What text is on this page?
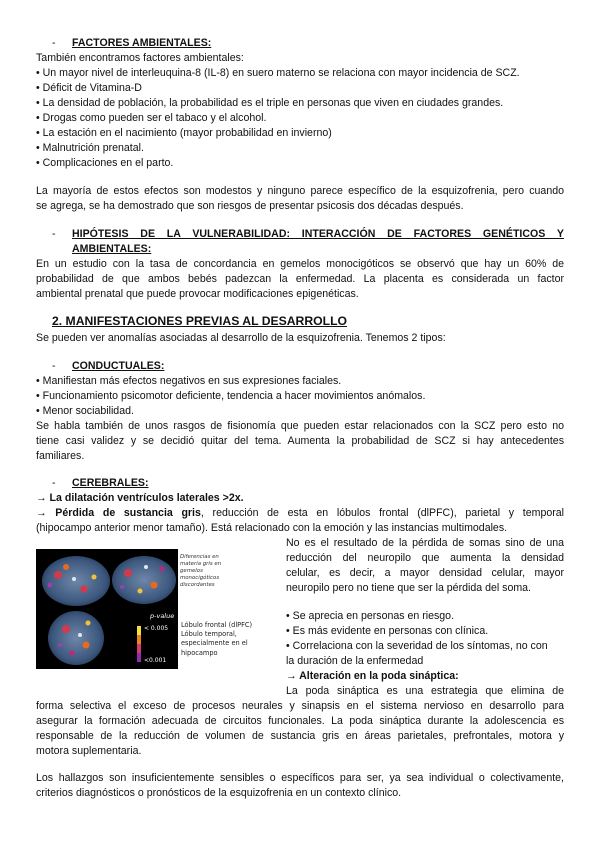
- FACTORES AMBIENTALES:
También encontramos factores ambientales:
• Un mayor nivel de interleuquina-8 (IL-8) en suero materno se relaciona con mayor incidencia de SCZ.
• Déficit de Vitamina-D
• La densidad de población, la probabilidad es el triple en personas que viven en ciudades grandes.
• Drogas como pueden ser el tabaco y el alcohol.
• La estación en el nacimiento (mayor probabilidad en invierno)
• Malnutrición prenatal.
• Complicaciones en el parto.
La mayoría de estos efectos son modestos y ninguno parece específico de la esquizofrenia, pero cuando
se agrega, se ha demostrado que son riesgos de presentar psicosis dos décadas después.
- HIPÓTESIS DE LA VULNERABILIDAD: INTERACCIÓN DE FACTORES GENÉTICOS Y
AMBIENTALES:
En un estudio con la tasa de concordancia en gemelos monocigóticos se observó que hay un 60% de
probabilidad de que ambos bebés padezcan la enfermedad. La placenta es considerada un factor
ambiental prenatal que puede provocar modificaciones epigenéticas.
2. MANIFESTACIONES PREVIAS AL DESARROLLO
Se pueden ver anomalías asociadas al desarrollo de la esquizofrenia. Tenemos 2 tipos:
- CONDUCTUALES:
• Manifiestan más efectos negativos en sus expresiones faciales.
• Funcionamiento psicomotor deficiente, tendencia a hacer movimientos anómalos.
• Menor sociabilidad.
Se habla también de unos rasgos de fisionomía que pueden estar relacionados con la SCZ pero esto no
tiene casi validez y se decidió quitar del tema. Aumenta la probabilidad de SCZ si hay antecedentes
familiares.
- CEREBRALES:
→ La dilatación ventrículos laterales >2x.
→ Pérdida de sustancia gris, reducción de esta en lóbulos frontal (dlPFC), parietal y temporal
(hipocampo anterior menor tamaño). Está relacionado con la emoción y las instancias multimodales.
No es el resultado de la pérdida de somas sino de una
reducción del neuropilo que aumenta la densidad
celular, es decir, a mayor densidad celular, mayor
neuropilo pero no tiene que ser la pérdida del soma.
• Se aprecia en personas en riesgo.
• Es más evidente en personas con clínica.
• Correlaciona con la severidad de los síntomas, no con
la duración de la enfermedad
→ Alteración en la poda sináptica:
La poda sináptica es una estrategia que elimina de
forma selectiva el exceso de procesos neurales y sinapsis en el sistema nervioso en desarrollo para
asegurar la formación adecuada de circuitos funcionales. La poda sináptica durante la adolescencia es
responsable de la reducción de volumen de sustancia gris en áreas parietales, prefrontales, motora y
motora suplementaria.
Los hallazgos son insuficientemente sensibles o específicos para ser, ya sea individual o colectivamente,
criterios diagnósticos o pronósticos de la esquizofrenia en un contexto clínico.
p-value
< 0.005
<0.001
Diferencias en
materia gris en
gemelos
monocigóticos
discordantes
Lóbulo frontal (dlPFC)
Lóbulo temporal,
especialmente en el
hipocampo
